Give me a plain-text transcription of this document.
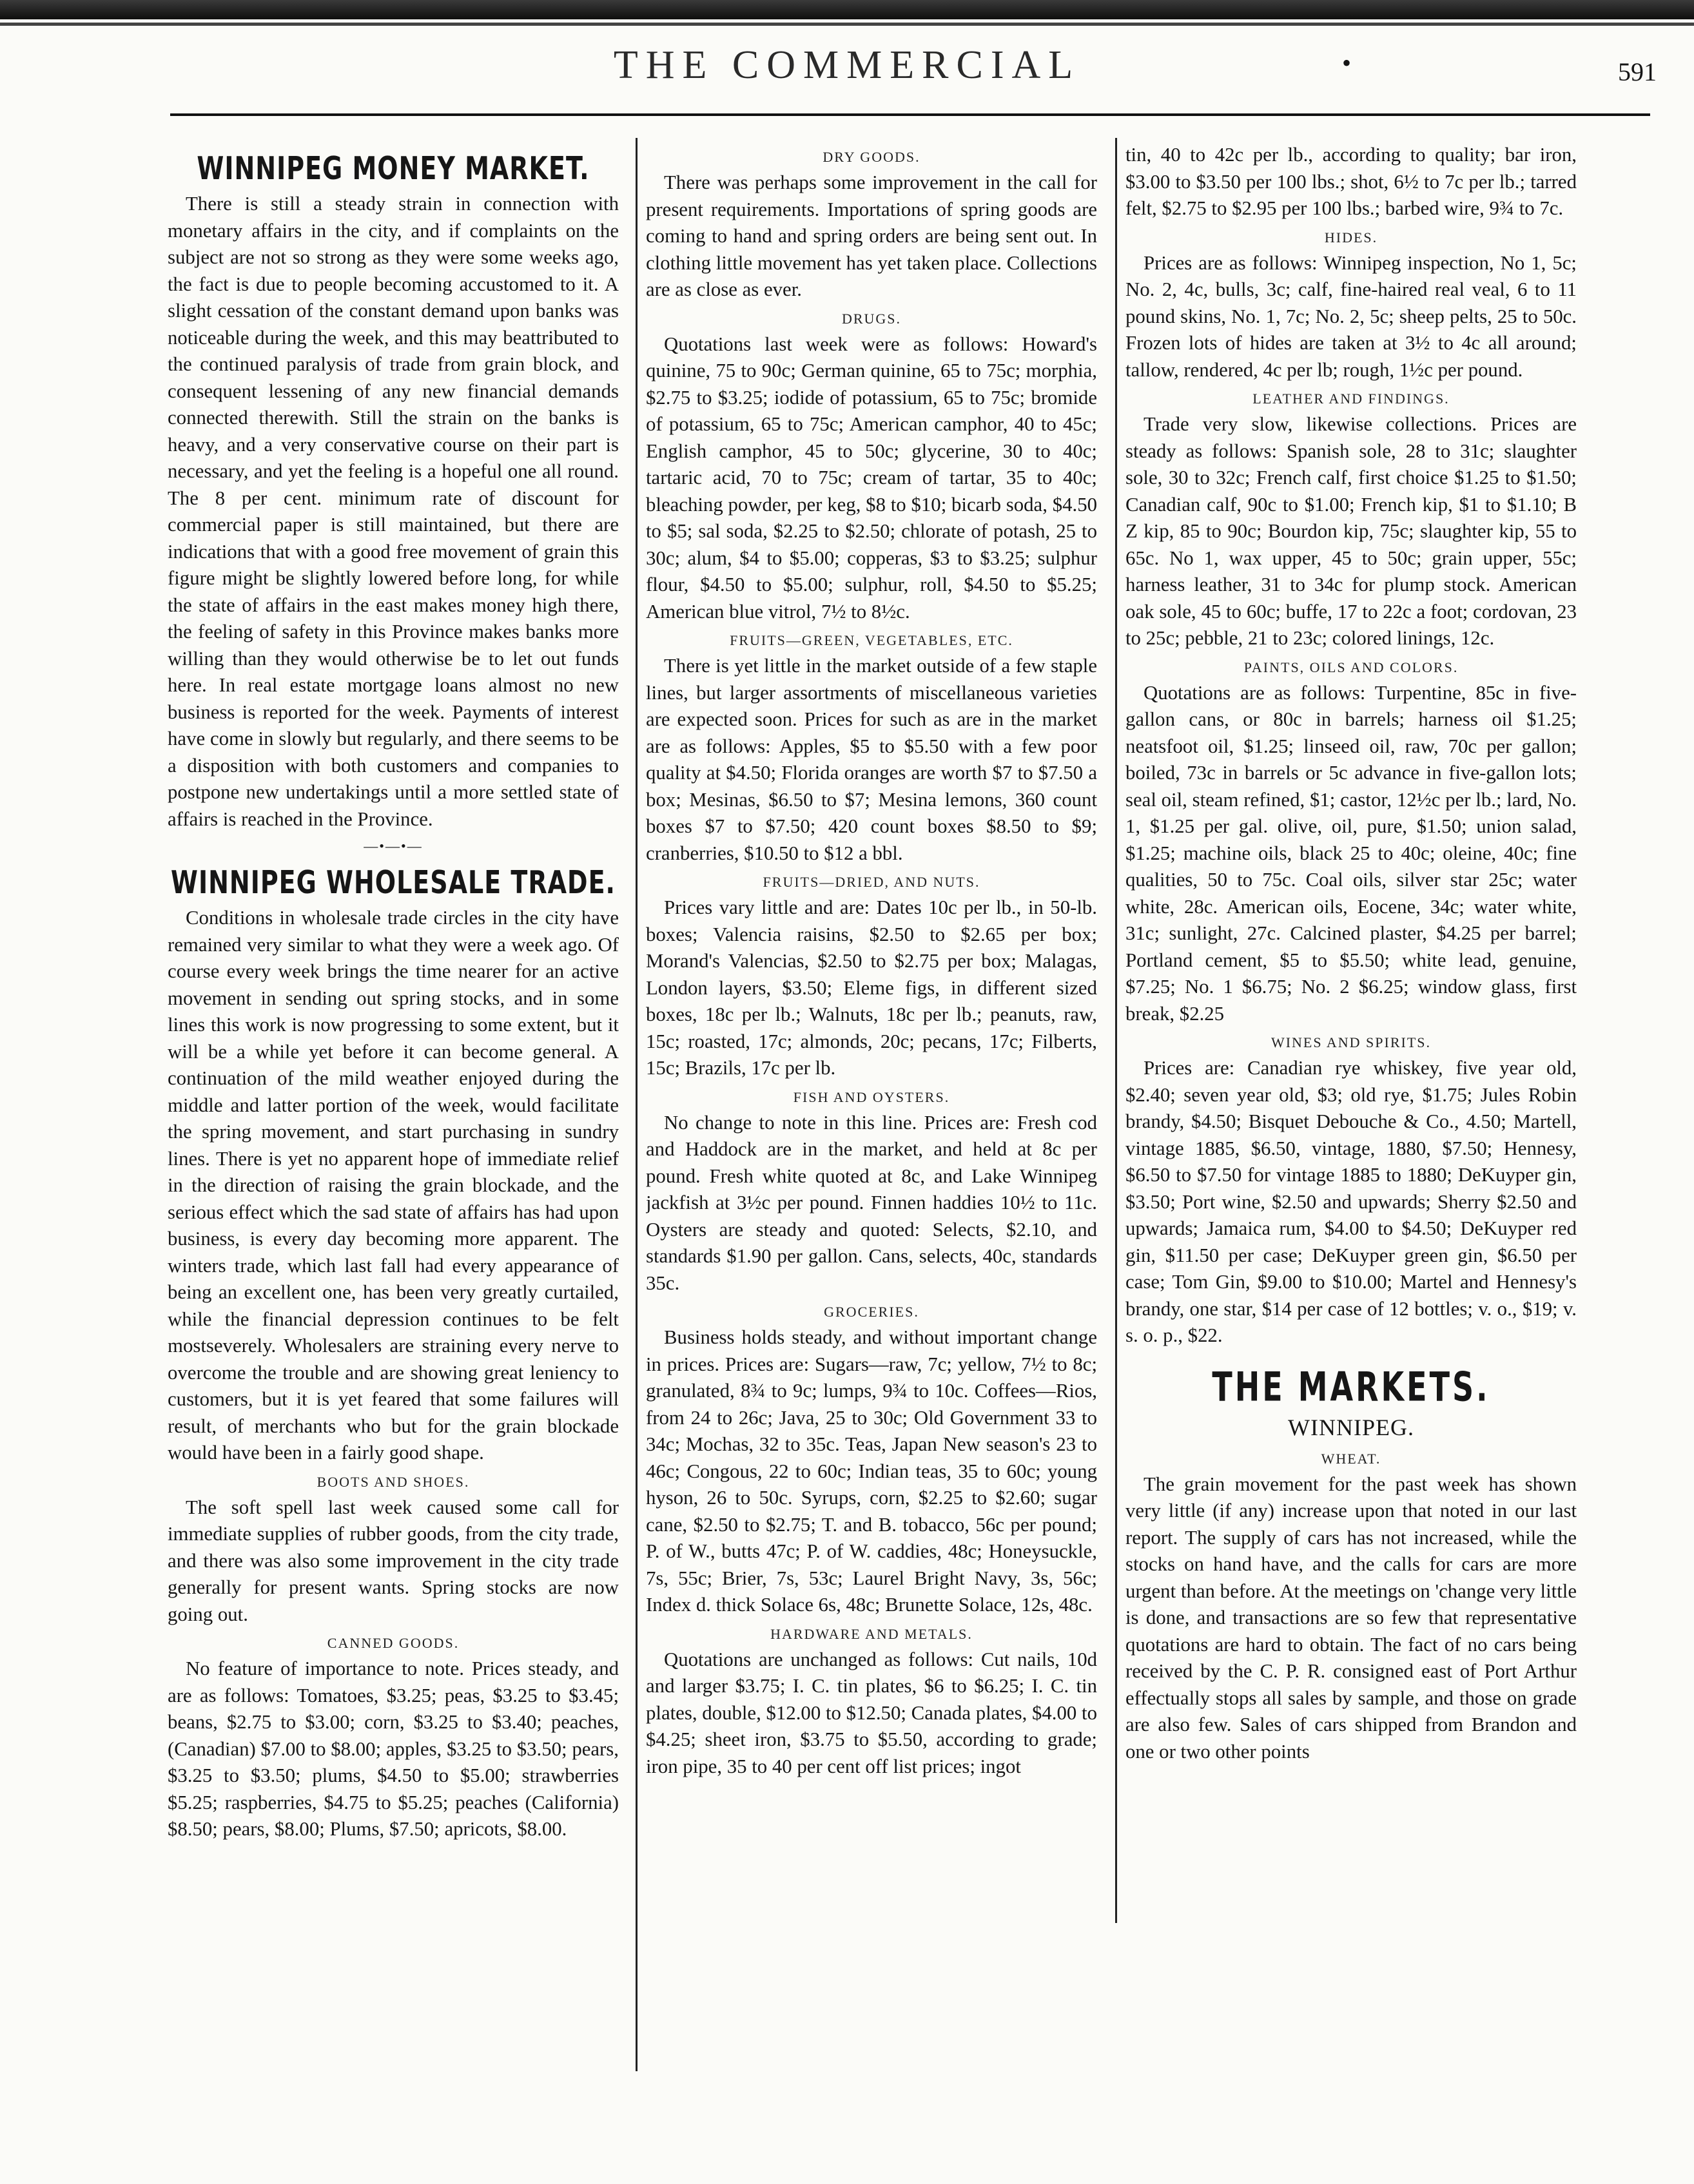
THE COMMERCIAL	•	591
WINNIPEG MONEY MARKET.

There is still a steady strain in connection with monetary affairs in the city, and if complaints on the subject are not so strong as they were some weeks ago, the fact is due to people becoming accustomed to it. A slight cessation of the constant demand upon banks was noticeable during the week, and this may beattributed to the continued paralysis of trade from grain block, and consequent lessening of any new financial demands connected therewith. Still the strain on the banks is heavy, and a very conservative course on their part is necessary, and yet the feeling is a hopeful one all round. The 8 per cent. minimum rate of discount for commercial paper is still maintained, but there are indications that with a good free movement of grain this figure might be slightly lowered before long, for while the state of affairs in the east makes money high there, the feeling of safety in this Province makes banks more willing than they would otherwise be to let out funds here. In real estate mortgage loans almost no new business is reported for the week. Payments of interest have come in slowly but regularly, and there seems to be a disposition with both customers and companies to postpone new undertakings until a more settled state of affairs is reached in the Province.

—•—•—
WINNIPEG WHOLESALE TRADE.

Conditions in wholesale trade circles in the city have remained very similar to what they were a week ago. Of course every week brings the time nearer for an active movement in sending out spring stocks, and in some lines this work is now progressing to some extent, but it will be a while yet before it can become general. A continuation of the mild weather enjoyed during the middle and latter portion of the week, would facilitate the spring movement, and start purchasing in sundry lines. There is yet no apparent hope of immediate relief in the direction of raising the grain blockade, and the serious effect which the sad state of affairs has had upon business, is every day becoming more apparent. The winters trade, which last fall had every appearance of being an excellent one, has been very greatly curtailed, while the financial depression continues to be felt mostseverely. Wholesalers are straining every nerve to overcome the trouble and are showing great leniency to customers, but it is yet feared that some failures will result, of merchants who but for the grain blockade would have been in a fairly good shape.

BOOTS AND SHOES.

The soft spell last week caused some call for immediate supplies of rubber goods, from the city trade, and there was also some improvement in the city trade generally for present wants. Spring stocks are now going out.

CANNED GOODS.

No feature of importance to note. Prices steady, and are as follows: Tomatoes, $3.25; peas, $3.25 to $3.45; beans, $2.75 to $3.00; corn, $3.25 to $3.40; peaches, (Canadian) $7.00 to $8.00; apples, $3.25 to $3.50; pears, $3.25 to $3.50; plums, $4.50 to $5.00; strawberries $5.25; raspberries, $4.75 to $5.25; peaches (California) $8.50; pears, $8.00; Plums, $7.50; apricots, $8.00.

DRY GOODS.

There was perhaps some improvement in the call for present requirements. Importations of spring goods are coming to hand and spring orders are being sent out. In clothing little movement has yet taken place. Collections are as close as ever.

DRUGS.

Quotations last week were as follows: Howard's quinine, 75 to 90c; German quinine, 65 to 75c; morphia, $2.75 to $3.25; iodide of potassium, 65 to 75c; bromide of potassium, 65 to 75c; American camphor, 40 to 45c; English camphor, 45 to 50c; glycerine, 30 to 40c; tartaric acid, 70 to 75c; cream of tartar, 35 to 40c; bleaching powder, per keg, $8 to $10; bicarb soda, $4.50 to $5; sal soda, $2.25 to $2.50; chlorate of potash, 25 to 30c; alum, $4 to $5.00; copperas, $3 to $3.25; sulphur flour, $4.50 to $5.00; sulphur, roll, $4.50 to $5.25; American blue vitrol, 7½ to 8½c.

FRUITS—GREEN, VEGETABLES, ETC.

There is yet little in the market outside of a few staple lines, but larger assortments of miscellaneous varieties are expected soon. Prices for such as are in the market are as follows: Apples, $5 to $5.50 with a few poor quality at $4.50; Florida oranges are worth $7 to $7.50 a box; Mesinas, $6.50 to $7; Mesina lemons, 360 count boxes $7 to $7.50; 420 count boxes $8.50 to $9; cranberries, $10.50 to $12 a bbl.

FRUITS—DRIED, AND NUTS.

Prices vary little and are: Dates 10c per lb., in 50-lb. boxes; Valencia raisins, $2.50 to $2.65 per box; Morand's Valencias, $2.50 to $2.75 per box; Malagas, London layers, $3.50; Eleme figs, in different sized boxes, 18c per lb.; Walnuts, 18c per lb.; peanuts, raw, 15c; roasted, 17c; almonds, 20c; pecans, 17c; Filberts, 15c; Brazils, 17c per lb.

FISH AND OYSTERS.

No change to note in this line. Prices are: Fresh cod and Haddock are in the market, and held at 8c per pound. Fresh white quoted at 8c, and Lake Winnipeg jackfish at 3½c per pound. Finnen haddies 10½ to 11c. Oysters are steady and quoted: Selects, $2.10, and standards $1.90 per gallon. Cans, selects, 40c, standards 35c.

GROCERIES.

Business holds steady, and without important change in prices. Prices are: Sugars—raw, 7c; yellow, 7½ to 8c; granulated, 8¾ to 9c; lumps, 9¾ to 10c. Coffees—Rios, from 24 to 26c; Java, 25 to 30c; Old Government 33 to 34c; Mochas, 32 to 35c. Teas, Japan New season's 23 to 46c; Congous, 22 to 60c; Indian teas, 35 to 60c; young hyson, 26 to 50c. Syrups, corn, $2.25 to $2.60; sugar cane, $2.50 to $2.75; T. and B. tobacco, 56c per pound; P. of W., butts 47c; P. of W. caddies, 48c; Honeysuckle, 7s, 55c; Brier, 7s, 53c; Laurel Bright Navy, 3s, 56c; Index d. thick Solace 6s, 48c; Brunette Solace, 12s, 48c.

HARDWARE AND METALS.

Quotations are unchanged as follows: Cut nails, 10d and larger $3.75; I. C. tin plates, $6 to $6.25; I. C. tin plates, double, $12.00 to $12.50; Canada plates, $4.00 to $4.25; sheet iron, $3.75 to $5.50, according to grade; iron pipe, 35 to 40 per cent off list prices; ingot

tin, 40 to 42c per lb., according to quality; bar iron, $3.00 to $3.50 per 100 lbs.; shot, 6½ to 7c per lb.; tarred felt, $2.75 to $2.95 per 100 lbs.; barbed wire, 9¾ to 7c.

HIDES.

Prices are as follows: Winnipeg inspection, No 1, 5c; No. 2, 4c, bulls, 3c; calf, fine-haired real veal, 6 to 11 pound skins, No. 1, 7c; No. 2, 5c; sheep pelts, 25 to 50c. Frozen lots of hides are taken at 3½ to 4c all around; tallow, rendered, 4c per lb; rough, 1½c per pound.

LEATHER AND FINDINGS.

Trade very slow, likewise collections. Prices are steady as follows: Spanish sole, 28 to 31c; slaughter sole, 30 to 32c; French calf, first choice $1.25 to $1.50; Canadian calf, 90c to $1.00; French kip, $1 to $1.10; B Z kip, 85 to 90c; Bourdon kip, 75c; slaughter kip, 55 to 65c. No 1, wax upper, 45 to 50c; grain upper, 55c; harness leather, 31 to 34c for plump stock. American oak sole, 45 to 60c; buffe, 17 to 22c a foot; cordovan, 23 to 25c; pebble, 21 to 23c; colored linings, 12c.

PAINTS, OILS AND COLORS.

Quotations are as follows: Turpentine, 85c in five-gallon cans, or 80c in barrels; harness oil $1.25; neatsfoot oil, $1.25; linseed oil, raw, 70c per gallon; boiled, 73c in barrels or 5c advance in five-gallon lots; seal oil, steam refined, $1; castor, 12½c per lb.; lard, No. 1, $1.25 per gal. olive, oil, pure, $1.50; union salad, $1.25; machine oils, black 25 to 40c; oleine, 40c; fine qualities, 50 to 75c. Coal oils, silver star 25c; water white, 28c. American oils, Eocene, 34c; water white, 31c; sunlight, 27c. Calcined plaster, $4.25 per barrel; Portland cement, $5 to $5.50; white lead, genuine, $7.25; No. 1 $6.75; No. 2 $6.25; window glass, first break, $2.25

WINES AND SPIRITS.

Prices are: Canadian rye whiskey, five year old, $2.40; seven year old, $3; old rye, $1.75; Jules Robin brandy, $4.50; Bisquet Debouche & Co., 4.50; Martell, vintage 1885, $6.50, vintage, 1880, $7.50; Hennesy, $6.50 to $7.50 for vintage 1885 to 1880; DeKuyper gin, $3.50; Port wine, $2.50 and upwards; Sherry $2.50 and upwards; Jamaica rum, $4.00 to $4.50; DeKuyper red gin, $11.50 per case; DeKuyper green gin, $6.50 per case; Tom Gin, $9.00 to $10.00; Martel and Hennesy's brandy, one star, $14 per case of 12 bottles; v. o., $19; v. s. o. p., $22.

THE MARKETS.
WINNIPEG.
WHEAT.

The grain movement for the past week has shown very little (if any) increase upon that noted in our last report. The supply of cars has not increased, while the stocks on hand have, and the calls for cars are more urgent than before. At the meetings on 'change very little is done, and transactions are so few that representative quotations are hard to obtain. The fact of no cars being received by the C. P. R. consigned east of Port Arthur effectually stops all sales by sample, and those on grade are also few. Sales of cars shipped from Brandon and one or two other points
